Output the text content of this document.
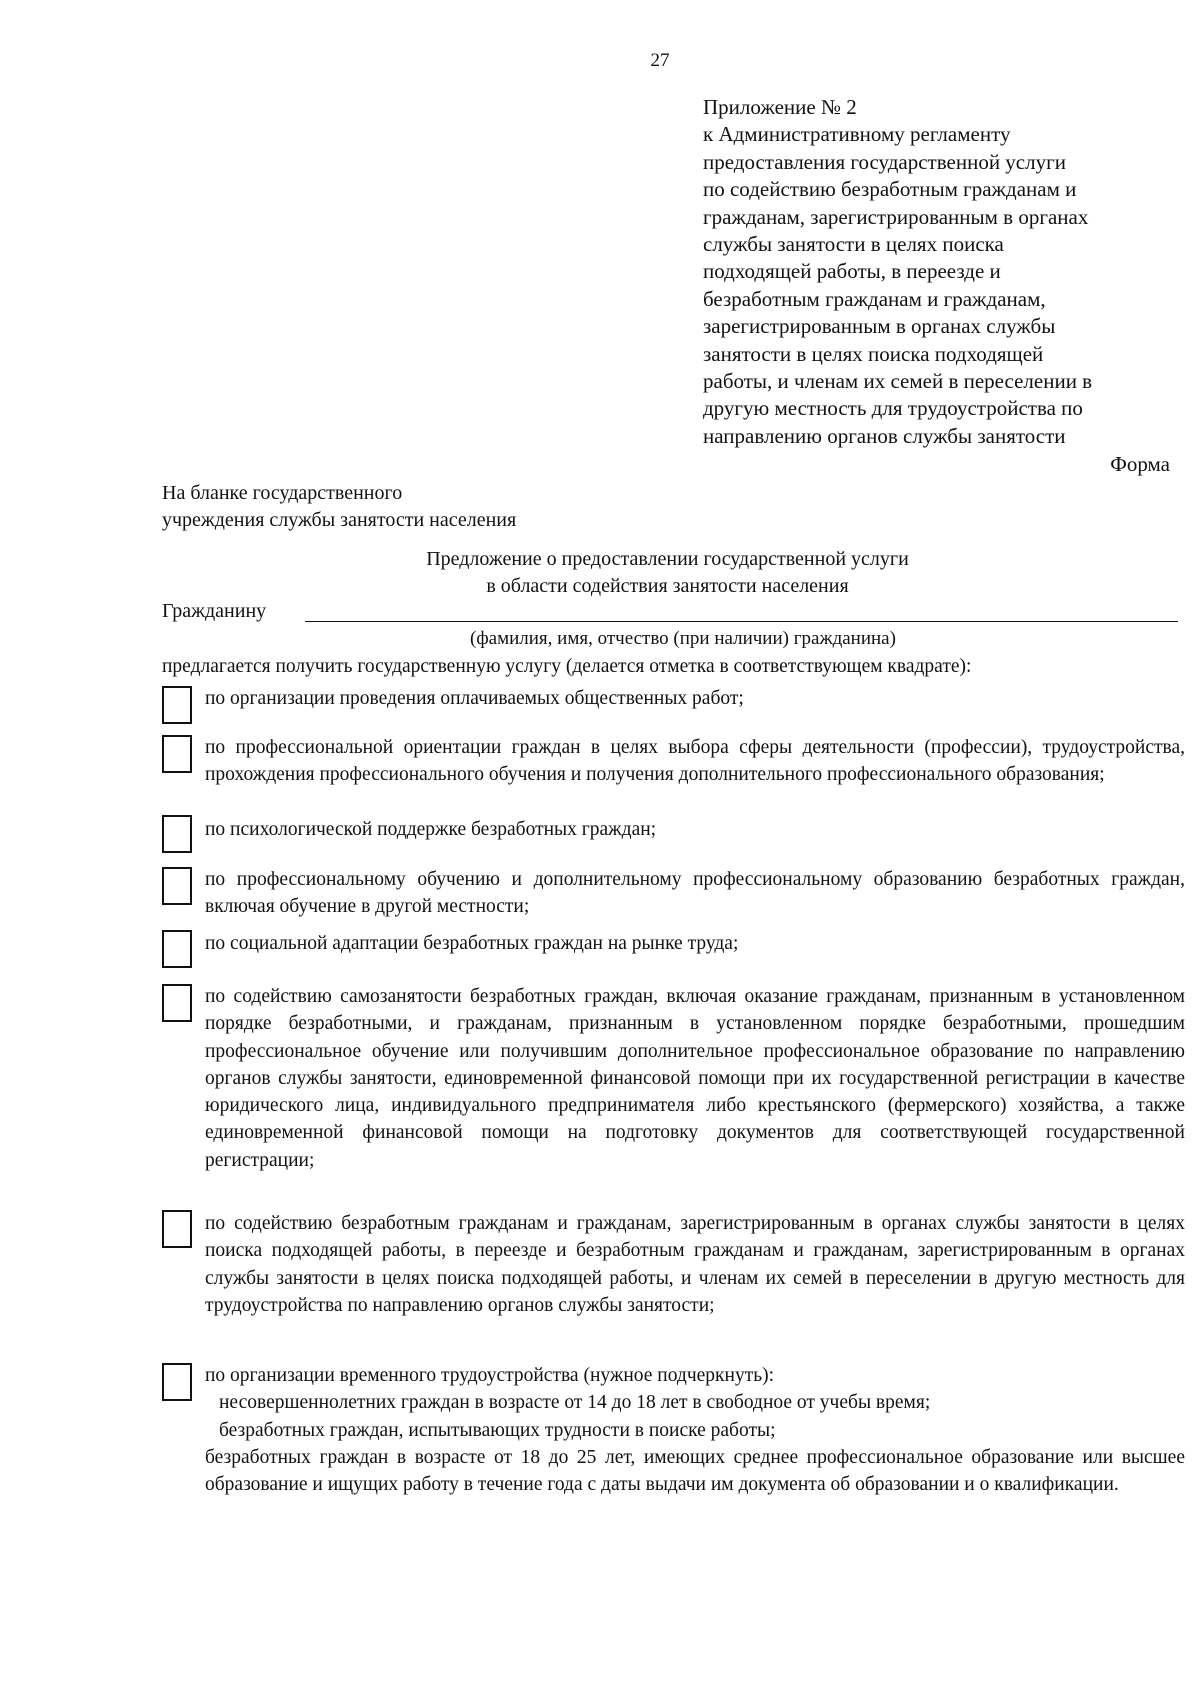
27
Приложение № 2
к Административному регламенту
предоставления государственной услуги
по содействию безработным гражданам и
гражданам, зарегистрированным в органах
службы занятости в целях поиска
подходящей работы, в переезде и
безработным гражданам и гражданам,
зарегистрированным в органах службы
занятости в целях поиска подходящей
работы, и членам их семей в переселении в
другую местность для трудоустройства по
направлению органов службы занятости
Форма
На бланке государственного
учреждения службы занятости населения
Предложение о предоставлении государственной услуги
в области содействия занятости населения
Гражданину
(фамилия, имя, отчество (при наличии) гражданина)
предлагается получить государственную услугу (делается отметка в соответствующем квадрате):
по организации проведения оплачиваемых общественных работ;
по профессиональной ориентации граждан в целях выбора сферы деятельности (профессии), трудоустройства, прохождения профессионального обучения и получения дополнительного профессионального образования;
по психологической поддержке безработных граждан;
по профессиональному обучению и дополнительному профессиональному образованию безработных граждан, включая обучение в другой местности;
по социальной адаптации безработных граждан на рынке труда;
по содействию самозанятости безработных граждан, включая оказание гражданам, признанным в установленном порядке безработными, и гражданам, признанным в установленном порядке безработными, прошедшим профессиональное обучение или получившим дополнительное профессиональное образование по направлению органов службы занятости, единовременной финансовой помощи при их государственной регистрации в качестве юридического лица, индивидуального предпринимателя либо крестьянского (фермерского) хозяйства, а также единовременной финансовой помощи на подготовку документов для соответствующей государственной регистрации;
по содействию безработным гражданам и гражданам, зарегистрированным в органах службы занятости в целях поиска подходящей работы, в переезде и безработным гражданам и гражданам, зарегистрированным в органах службы занятости в целях поиска подходящей работы, и членам их семей в переселении в другую местность для трудоустройства по направлению органов службы занятости;
по организации временного трудоустройства (нужное подчеркнуть):
несовершеннолетних граждан в возрасте от 14 до 18 лет в свободное от учебы время;
безработных граждан, испытывающих трудности в поиске работы;
безработных граждан в возрасте от 18 до 25 лет, имеющих среднее профессиональное образование или высшее образование и ищущих работу в течение года с даты выдачи им документа об образовании и о квалификации.
